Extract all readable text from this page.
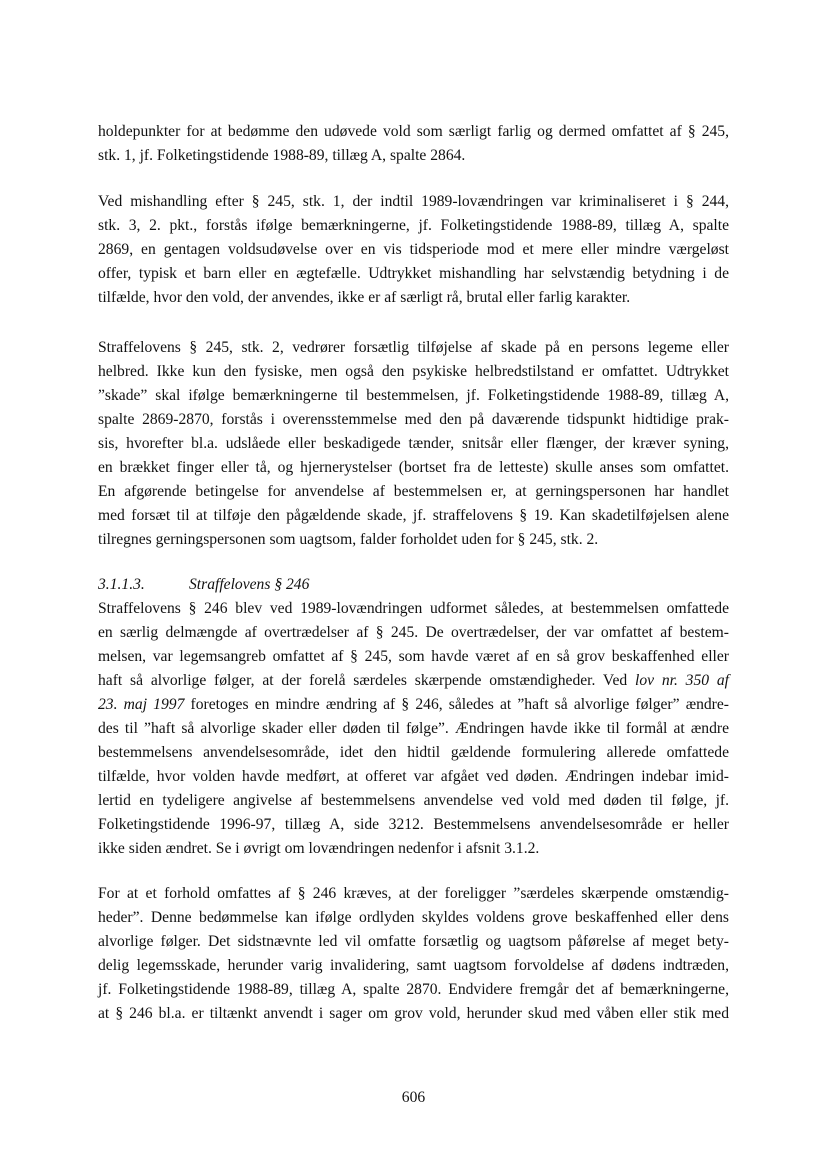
holdepunkter for at bedømme den udøvede vold som særligt farlig og dermed omfattet af § 245,
stk. 1, jf. Folketingstidende 1988-89, tillæg A, spalte 2864.
Ved mishandling efter § 245, stk. 1, der indtil 1989-lovændringen var kriminaliseret i § 244,
stk. 3, 2. pkt., forstås ifølge bemærkningerne, jf. Folketingstidende 1988-89, tillæg A, spalte
2869, en gentagen voldsudøvelse over en vis tidsperiode mod et mere eller mindre værgeløst
offer, typisk et barn eller en ægtefælle. Udtrykket mishandling har selvstændig betydning i de
tilfælde, hvor den vold, der anvendes, ikke er af særligt rå, brutal eller farlig karakter.
Straffelovens § 245, stk. 2, vedrører forsætlig tilføjelse af skade på en persons legeme eller
helbred. Ikke kun den fysiske, men også den psykiske helbredstilstand er omfattet. Udtrykket
”skade” skal ifølge bemærkningerne til bestemmelsen, jf. Folketingstidende 1988-89, tillæg A,
spalte 2869-2870, forstås i overensstemmelse med den på daværende tidspunkt hidtidige prak-
sis, hvorefter bl.a. udslåede eller beskadigede tænder, snitsår eller flænger, der kræver syning,
en brækket finger eller tå, og hjernerystelser (bortset fra de letteste) skulle anses som omfattet.
En afgørende betingelse for anvendelse af bestemmelsen er, at gerningspersonen har handlet
med forsæt til at tilføje den pågældende skade, jf. straffelovens § 19. Kan skadetilføjelsen alene
tilregnes gerningspersonen som uagtsom, falder forholdet uden for § 245, stk. 2.
3.1.1.3.	Straffelovens § 246
Straffelovens § 246 blev ved 1989-lovændringen udformet således, at bestemmelsen omfattede
en særlig delmængde af overtrædelser af § 245. De overtrædelser, der var omfattet af bestem-
melsen, var legemsangreb omfattet af § 245, som havde været af en så grov beskaffenhed eller
haft så alvorlige følger, at der forelå særdeles skærpende omstændigheder. Ved lov nr. 350 af
23. maj 1997 foretoges en mindre ændring af § 246, således at ”haft så alvorlige følger” ændre-
des til ”haft så alvorlige skader eller døden til følge”. Ændringen havde ikke til formål at ændre
bestemmelsens anvendelsesområde, idet den hidtil gældende formulering allerede omfattede
tilfælde, hvor volden havde medført, at offeret var afgået ved døden. Ændringen indebar imid-
lertid en tydeligere angivelse af bestemmelsens anvendelse ved vold med døden til følge, jf.
Folketingstidende 1996-97, tillæg A, side 3212. Bestemmelsens anvendelsesområde er heller
ikke siden ændret. Se i øvrigt om lovændringen nedenfor i afsnit 3.1.2.
For at et forhold omfattes af § 246 kræves, at der foreligger ”særdeles skærpende omstændig-
heder”. Denne bedømmelse kan ifølge ordlyden skyldes voldens grove beskaffenhed eller dens
alvorlige følger. Det sidstnævnte led vil omfatte forsætlig og uagtsom påførelse af meget bety-
delig legemsskade, herunder varig invalidering, samt uagtsom forvoldelse af dødens indtræden,
jf. Folketingstidende 1988-89, tillæg A, spalte 2870. Endvidere fremgår det af bemærkningerne,
at § 246 bl.a. er tiltænkt anvendt i sager om grov vold, herunder skud med våben eller stik med
606
